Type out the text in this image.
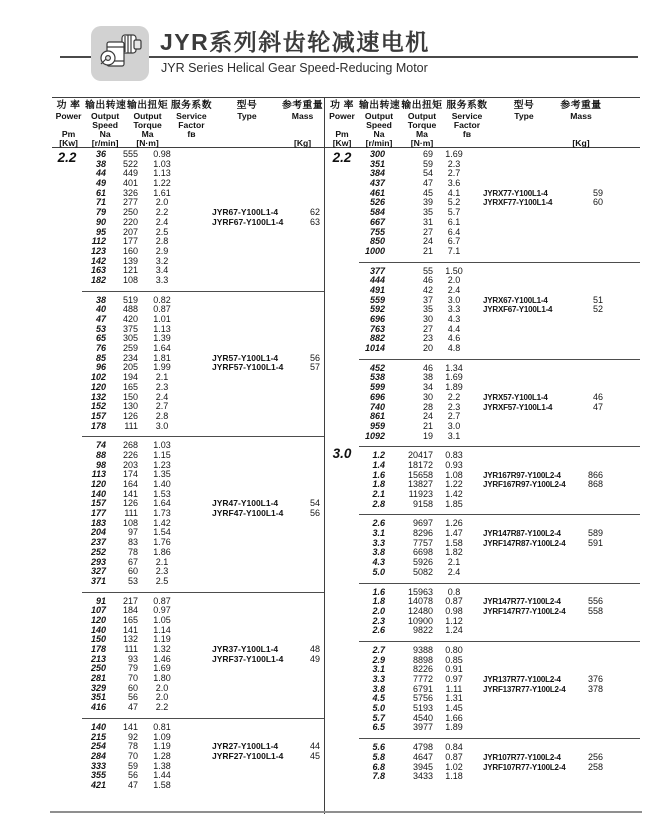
JYR系列斜齿轮减速电机
JYR Series Helical Gear Speed-Reducing Motor
功 率
Power

Pm
[Kw]
输出转速
Output
Speed
Na
[r/min]
输出扭矩
Output
Torque
Ma
[N·m]
服务系数
Service
Factor
fʙ

型号
Type

参考重量
Mass

[Kg]
2.2	36	555	0.98
38	522	1.03
44	449	1.13
49	401	1.22
61	326	1.61
71	277	2.0
79	250	2.2	JYR67-Y100L1-4	62
90	220	2.4	JYRF67-Y100L1-4	63
95	207	2.5
112	177	2.8
123	160	2.9
142	139	3.2
163	121	3.4
182	108	3.3
38	519	0.82
40	488	0.87
47	420	1.01
53	375	1.13
65	305	1.39
76	259	1.64
85	234	1.81	JYR57-Y100L1-4	56
96	205	1.99	JYRF57-Y100L1-4	57
102	194	2.1
120	165	2.3
132	150	2.4
152	130	2.7
157	126	2.8
178	111	3.0
74	268	1.03
88	226	1.15
98	203	1.23
113	174	1.35
120	164	1.40
140	141	1.53
157	126	1.64	JYR47-Y100L1-4	54
177	111	1.73	JYRF47-Y100L1-4	56
183	108	1.42
204	97	1.54
237	83	1.76
252	78	1.86
293	67	2.1
327	60	2.3
371	53	2.5
91	217	0.87
107	184	0.97
120	165	1.05
140	141	1.14
150	132	1.19
178	111	1.32	JYR37-Y100L1-4	48
213	93	1.46	JYRF37-Y100L1-4	49
250	79	1.69
281	70	1.80
329	60	2.0
351	56	2.0
416	47	2.2
140	141	0.81
215	92	1.09
254	78	1.19	JYR27-Y100L1-4	44
284	70	1.28	JYRF27-Y100L1-4	45
333	59	1.38
355	56	1.44
421	47	1.58
功 率
Power

Pm
[Kw]
输出转速
Output
Speed
Na
[r/min]
输出扭矩
Output
Torque
Ma
[N·m]
服务系数
Service
Factor
fʙ

型号
Type

参考重量
Mass

[Kg]
2.2	300	69	1.69
351	59	2.3
384	54	2.7
437	47	3.6
461	45	4.1	JYRX77-Y100L1-4	59
526	39	5.2	JYRXF77-Y100L1-4	60
584	35	5.7
667	31	6.1
755	27	6.4
850	24	6.7
1000	21	7.1
377	55	1.50
444	46	2.0
491	42	2.4
559	37	3.0	JYRX67-Y100L1-4	51
592	35	3.3	JYRXF67-Y100L1-4	52
696	30	4.3
763	27	4.4
882	23	4.6
1014	20	4.8
452	46	1.34
538	38	1.69
599	34	1.89
696	30	2.2	JYRX57-Y100L1-4	46
740	28	2.3	JYRXF57-Y100L1-4	47
861	24	2.7
959	21	3.0
1092	19	3.1
3.0	1.2	20417	0.83
1.4	18172	0.93
1.6	15658	1.08	JYR167R97-Y100L2-4	866
1.8	13827	1.22	JYRF167R97-Y100L2-4	868
2.1	11923	1.42
2.8	9158	1.85
2.6	9697	1.26
3.1	8296	1.47	JYR147R87-Y100L2-4	589
3.3	7757	1.58	JYRF147R87-Y100L2-4	591
3.8	6698	1.82
4.3	5926	2.1
5.0	5082	2.4
1.6	15963	0.8
1.8	14078	0.87	JYR147R77-Y100L2-4	556
2.0	12480	0.98	JYRF147R77-Y100L2-4	558
2.3	10900	1.12
2.6	9822	1.24
2.7	9388	0.80
2.9	8898	0.85
3.1	8226	0.91
3.3	7772	0.97	JYR137R77-Y100L2-4	376
3.8	6791	1.11	JYRF137R77-Y100L2-4	378
4.5	5756	1.31
5.0	5193	1.45
5.7	4540	1.66
6.5	3977	1.89
5.6	4798	0.84
5.8	4647	0.87	JYR107R77-Y100L2-4	256
6.8	3945	1.02	JYRF107R77-Y100L2-4	258
7.8	3433	1.18
